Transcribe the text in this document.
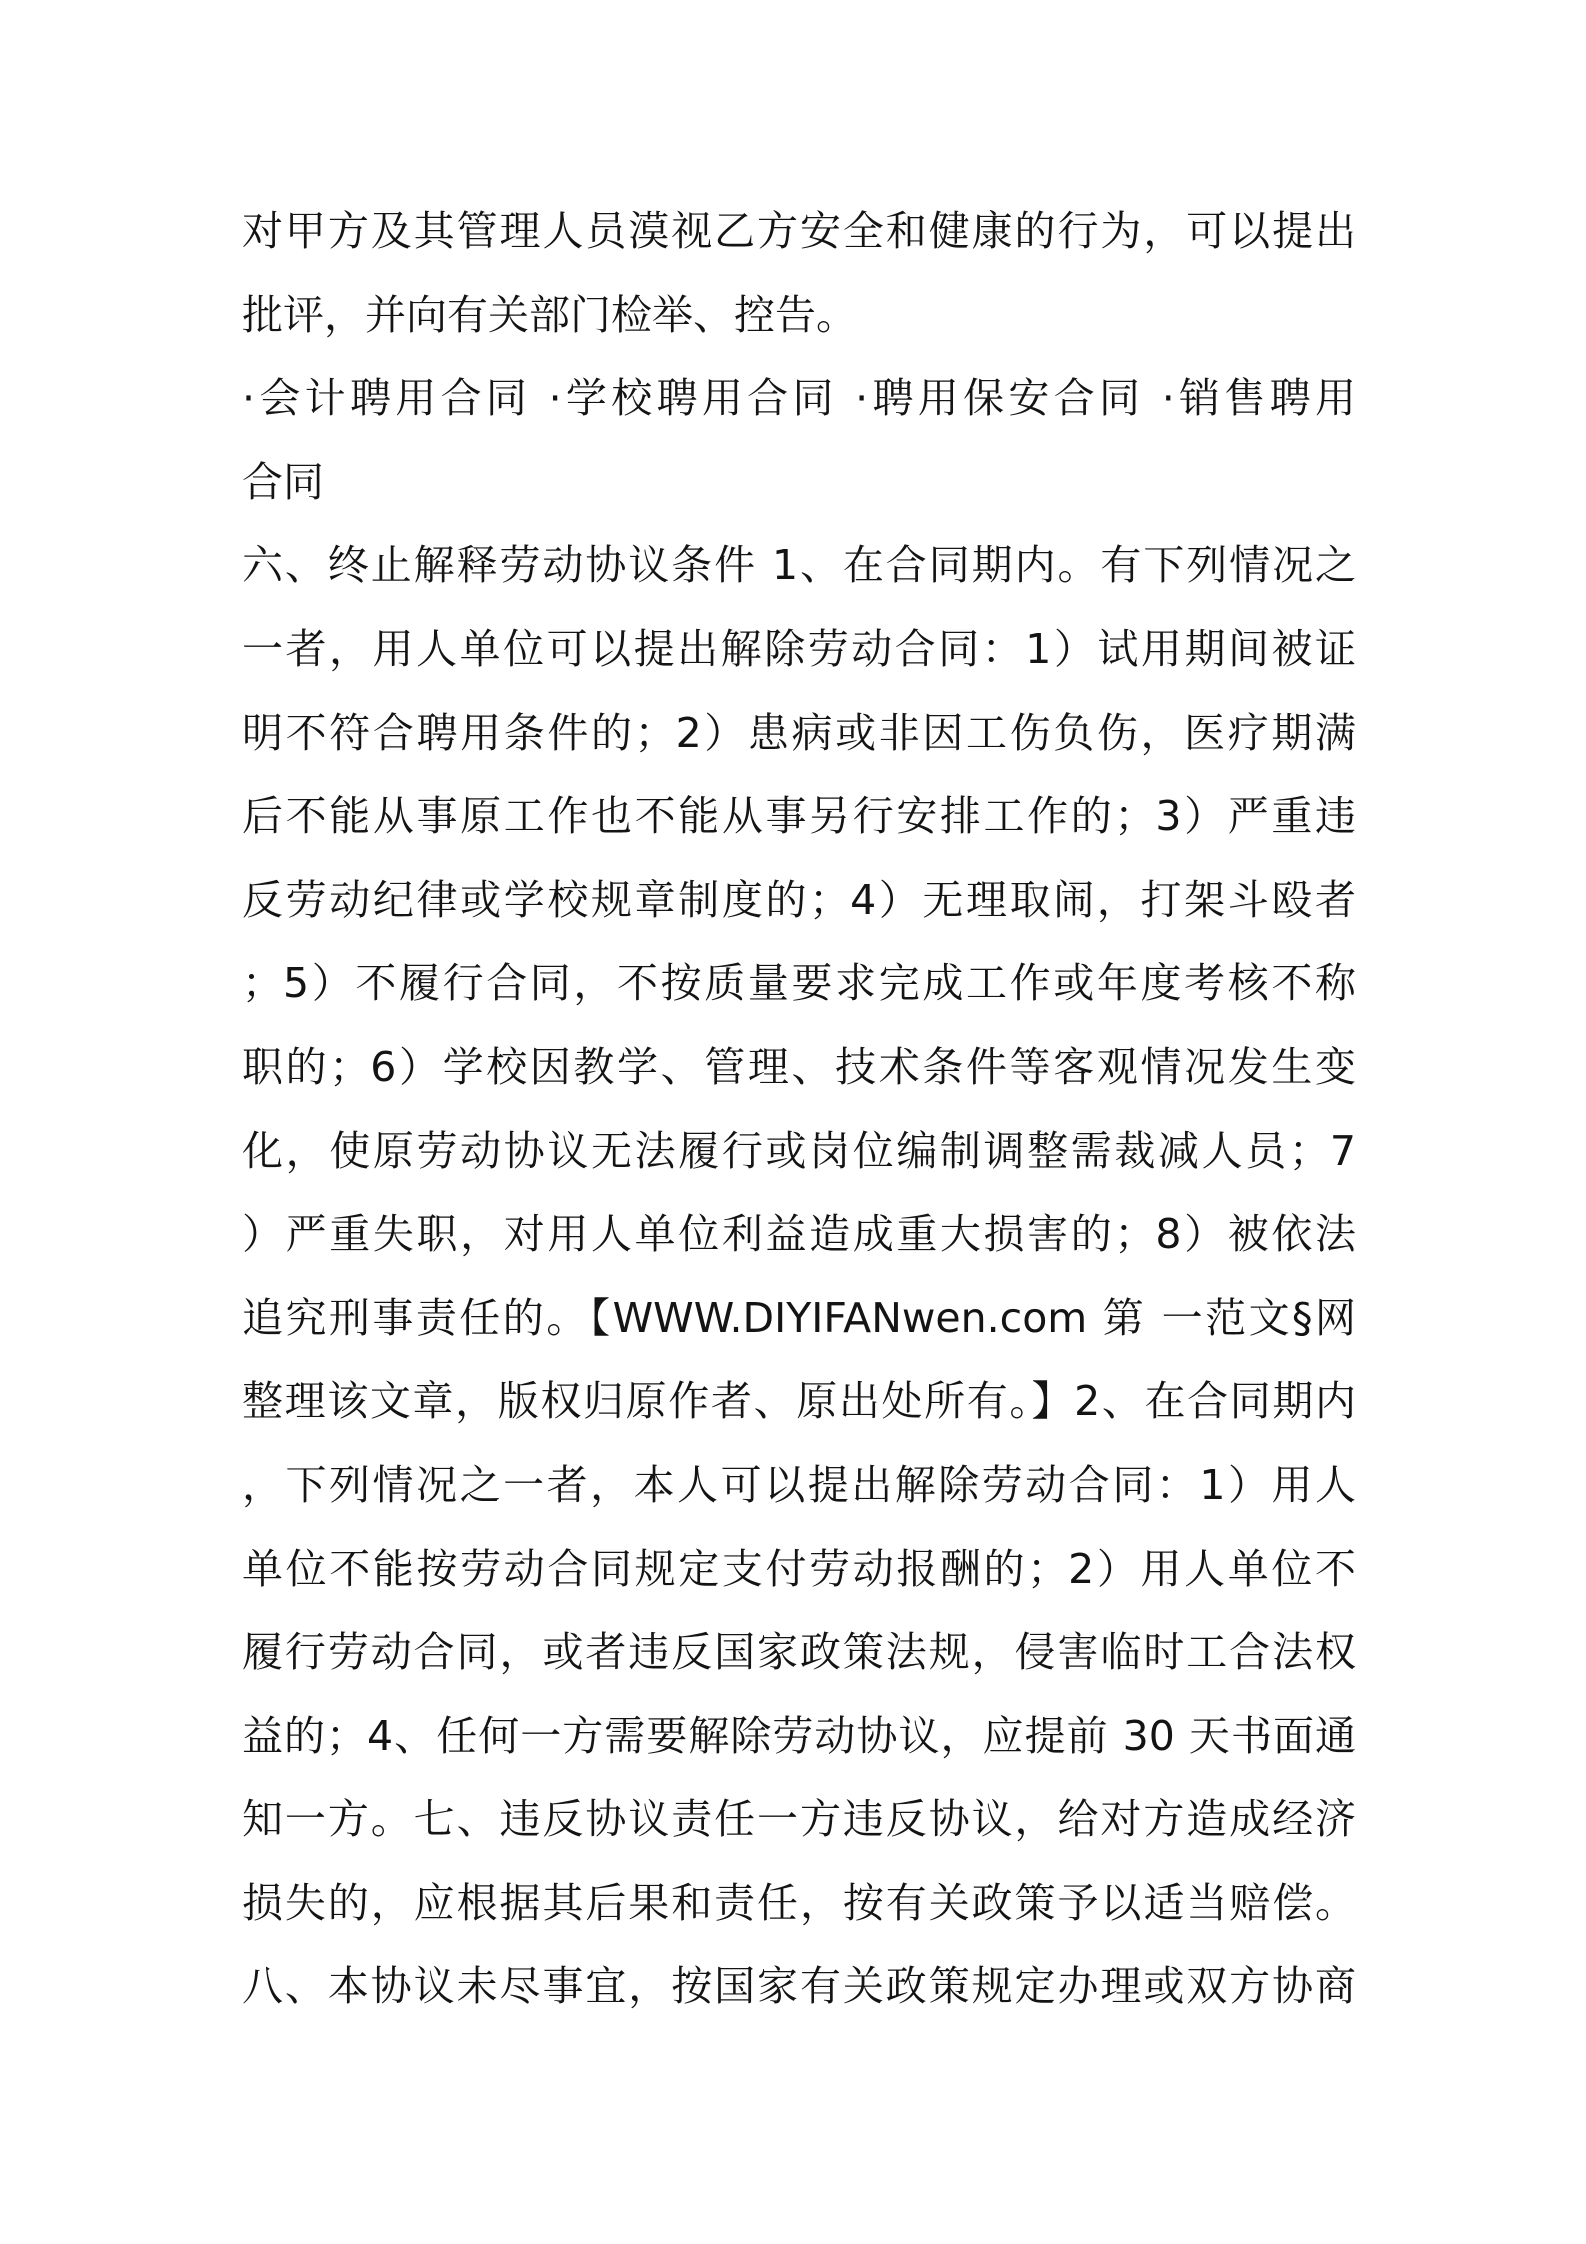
对甲方及其管理人员漠视乙方安全和健康的行为，可以提出
批评，并向有关部门检举、控告。
·会计聘用合同 ·学校聘用合同 ·聘用保安合同 ·销售聘用
合同
六、终止解释劳动协议条件 1、在合同期内。有下列情况之
一者，用人单位可以提出解除劳动合同：1）试用期间被证
明不符合聘用条件的；2）患病或非因工伤负伤，医疗期满
后不能从事原工作也不能从事另行安排工作的；3）严重违
反劳动纪律或学校规章制度的；4）无理取闹，打架斗殴者
；5）不履行合同，不按质量要求完成工作或年度考核不称
职的；6）学校因教学、管理、技术条件等客观情况发生变
化，使原劳动协议无法履行或岗位编制调整需裁减人员；7
）严重失职，对用人单位利益造成重大损害的；8）被依法
追究刑事责任的。【WWW.DIYIFANwen.com 第 一范文§网
整理该文章，版权归原作者、原出处所有。】2、在合同期内
，下列情况之一者，本人可以提出解除劳动合同：1）用人
单位不能按劳动合同规定支付劳动报酬的；2）用人单位不
履行劳动合同，或者违反国家政策法规，侵害临时工合法权
益的；4、任何一方需要解除劳动协议，应提前 30 天书面通
知一方。七、违反协议责任一方违反协议，给对方造成经济
损失的，应根据其后果和责任，按有关政策予以适当赔偿。
八、本协议未尽事宜，按国家有关政策规定办理或双方协商
